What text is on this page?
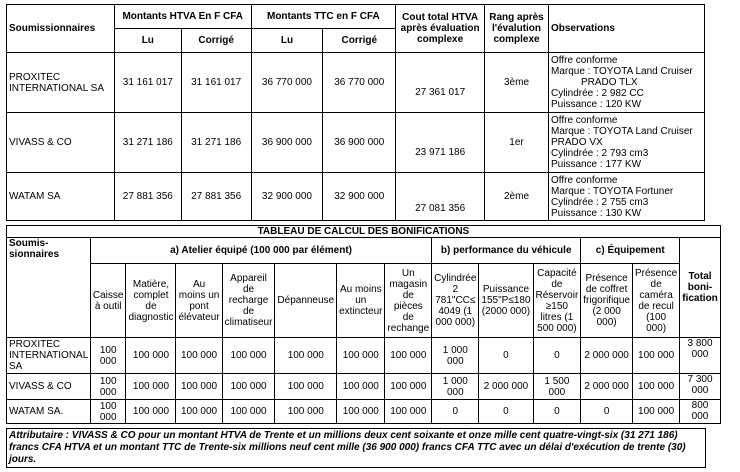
Soumissionnaires	Montants HTVA En F CFA		Montants TTC en F CFA		Cout total HTVA après évaluation complexe	Rang après l'évalution complexe	Observations
	Lu	Corrigé	Lu	Corrigé			
PROXITEC INTERNATIONAL SA	31 161 017	31 161 017	36 770 000	36 770 000	27 361 017	3ème	Offre conforme
Marque : TOYOTA Land Cruiser
PRADO TLX
Cylindrée : 2 982 CC
Puissance : 120 KW

VIVASS & CO	31 271 186	31 271 186	36 900 000	36 900 000	23 971 186	1er	Offre conforme
Marque : TOYOTA Land Cruiser
PRADO VX
Cylindrée : 2 793 cm3
Puissance : 177 KW

WATAM SA	27 881 356	27 881 356	32 900 000	32 900 000	27 081 356	2ème	Offre conforme
Marque : TOYOTA Fortuner
Cylindrée : 2 755 cm3
Puissance : 130 KW
TABLEAU DE CALCUL DES BONIFICATIONS													
Soumis-sionnaires	a) Atelier équipé (100 000 par élément)							b) performance du véhicule			c) Équipement		Total boni-fication
	Caisse à outil	Matière, complet de diagnostic	Au moins un pont élévateur	Appareil de recharge de climatiseur	Dépanneuse	Au moins un extincteur	Un magasin de pièces de rechange	Cylindrée 2 781"CC≤ 4049 (1 000 000)	Puissance 155"P≤180 (2000 000)	Capacité de Réservoir ≥150 litres (1 500 000)	Présence de coffret frigorifique (2 000 000)	Présence de caméra de recul (100 000)	
PROXITEC INTERNATIONAL SA	100 000	100 000	100 000	100 000	100 000	100 000	100 000	1 000 000	0	0	2 000 000	100 000	3 800 000
VIVASS & CO	100 000	100 000	100 000	100 000	100 000	100 000	100 000	1 000 000	2 000 000	1 500 000	2 000 000	100 000	7 300 000
WATAM SA.	100 000	100 000	100 000	100 000	100 000	100 000	100 000	0	0	0	0	100 000	800 000
Attributaire : VIVASS & CO pour un montant HTVA de Trente et un millions deux cent soixante et onze mille cent quatre-vingt-six (31 271 186) francs CFA HTVA et un montant TTC de Trente-six millions neuf cent mille (36 900 000) francs CFA TTC avec un délai d'exécution de trente (30) jours.
